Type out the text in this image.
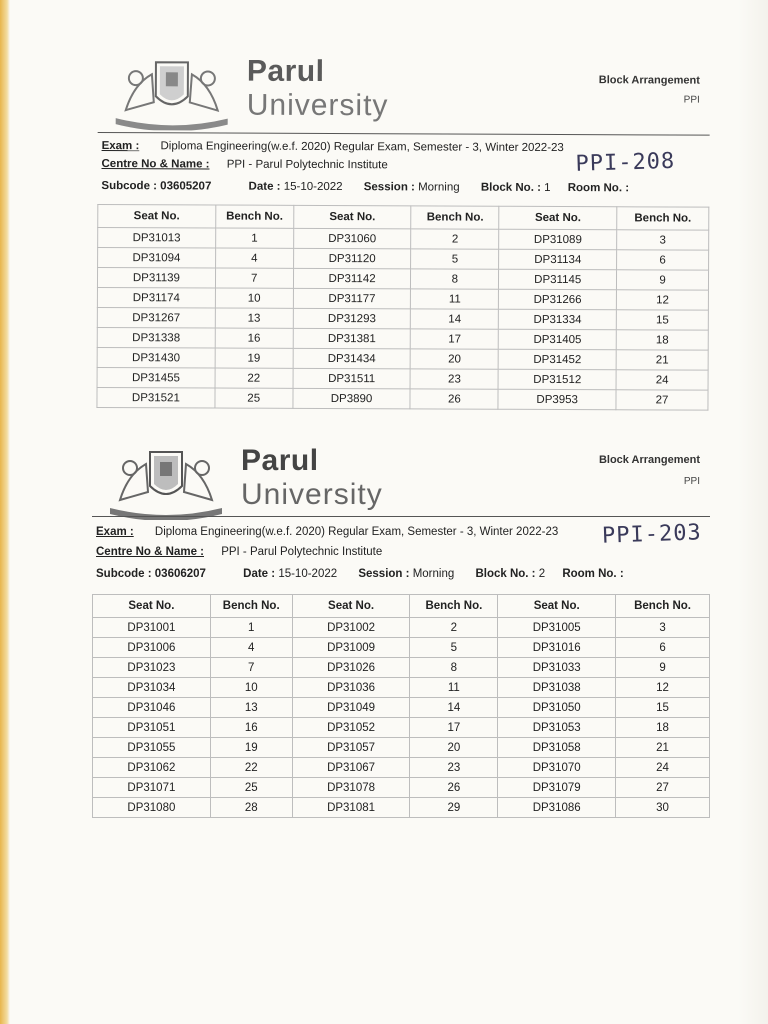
Parul
University
Block Arrangement
PPI
Exam : Diploma Engineering(w.e.f. 2020) Regular Exam, Semester - 3, Winter 2022-23
Centre No & Name : PPI - Parul Polytechnic Institute	PPI-208
Subcode : 03605207	Date : 15-10-2022 Session : Morning Block No. : 1 Room No. :
Seat No.	Bench No.	Seat No.	Bench No.	Seat No.	Bench No.
DP31013	1	DP31060	2	DP31089	3
DP31094	4	DP31120	5	DP31134	6
DP31139	7	DP31142	8	DP31145	9
DP31174	10	DP31177	11	DP31266	12
DP31267	13	DP31293	14	DP31334	15
DP31338	16	DP31381	17	DP31405	18
DP31430	19	DP31434	20	DP31452	21
DP31455	22	DP31511	23	DP31512	24
DP31521	25	DP3890	26	DP3953	27
Parul
University
Block Arrangement
PPI
Exam : Diploma Engineering(w.e.f. 2020) Regular Exam, Semester - 3, Winter 2022-23
Centre No & Name : PPI - Parul Polytechnic Institute
PPI-203
Subcode : 03606207	Date : 15-10-2022 Session : Morning Block No. : 2 Room No. :
Seat No.	Bench No.	Seat No.	Bench No.	Seat No.	Bench No.
DP31001	1	DP31002	2	DP31005	3
DP31006	4	DP31009	5	DP31016	6
DP31023	7	DP31026	8	DP31033	9
DP31034	10	DP31036	11	DP31038	12
DP31046	13	DP31049	14	DP31050	15
DP31051	16	DP31052	17	DP31053	18
DP31055	19	DP31057	20	DP31058	21
DP31062	22	DP31067	23	DP31070	24
DP31071	25	DP31078	26	DP31079	27
DP31080	28	DP31081	29	DP31086	30
